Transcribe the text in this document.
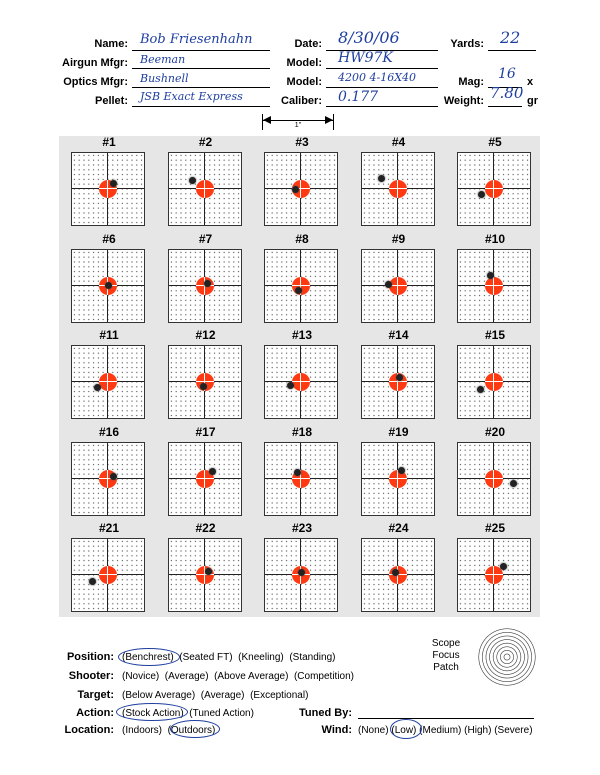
Name: Bob Friesenhahn	Date: 8/30/06	Yards: 22
Airgun Mfgr: Beeman	Model: HW97K
Optics Mfgr: Bushnell	Model: 4200 4-16X40	Mag: 16 x
Pellet: JSB Exact Express	Caliber: 0.177	Weight: 7.80 gr
1"
#1	#2	#3	#4	#5
#6	#7	#8	#9	#10
#11	#12	#13	#14	#15
#16	#17	#18	#19	#20
#21	#22	#23	#24	#25
Scope
Focus
Patch
Position: (Benchrest) (Seated FT) (Kneeling) (Standing)
Shooter: (Novice) (Average) (Above Average) (Competition)
Target: (Below Average) (Average) (Exceptional)
Action: (Stock Action) (Tuned Action)	Tuned By:
Location: (Indoors) (Outdoors)	Wind: (None) (Low) (Medium) (High) (Severe)
